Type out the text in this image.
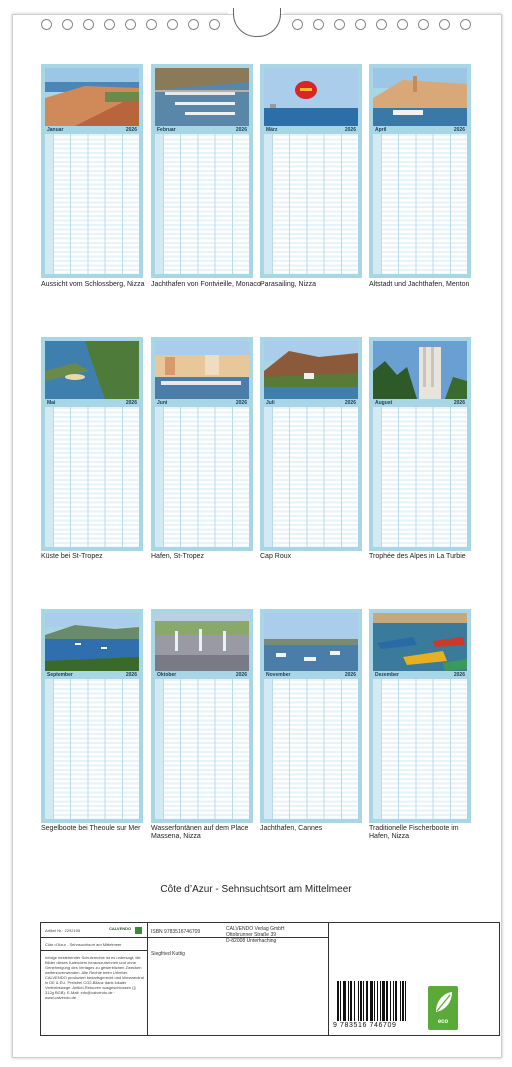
Januar	2026
Aussicht vom Schlossberg, Nizza
Februar	2026
Jachthafen von Fontvieille, Monaco
März	2026
Parasailing, Nizza
April	2026
Altstadt und Jachthafen, Menton
Mai	2026
Küste bei St-Tropez
Juni	2026
Hafen, St-Tropez
Juli	2026
Cap Roux
August	2026
Trophée des Alpes in La Turbie
September	2026
Segelboote bei Theoule sur Mer
Oktober	2026
Wasserfontänen auf dem Place Massena, Nizza
November	2026
Jachthafen, Cannes
Dezember	2026
Traditionelle Fischerboote im Hafen, Nizza
Côte d’Azur - Sehnsuchtsort am Mittelmeer
Artikel Nr.: 2292195	CALVENDO
Côte d’Azur - Sehnsuchtsort am Mittelmeer
Infolge bestehender Schutzrechte ist es untersagt, die Bilder dieses Kalenders herauszutrennen und ohne Genehmigung des Verlages zu gewerblichen Zwecken weiterzuverwenden. Alle Rechte beim Urheber. CALVENDO produziert bedarfsgerecht und klimaneutral in DE & EU. Preisfrei CO2-Bilanz dank lokaler Vertriebswege. Artikel-Retouren ausgeschlossen (§ 312g BGB). E-Mail: info@calvendo.de · www.calvendo.de
ISBN 9783516746709
Siegfried Kuttig
CALVENDO Verlag GmbH
Ottobrunner Straße 39
D-82008 Unterhaching
9 783516 746709	eco
